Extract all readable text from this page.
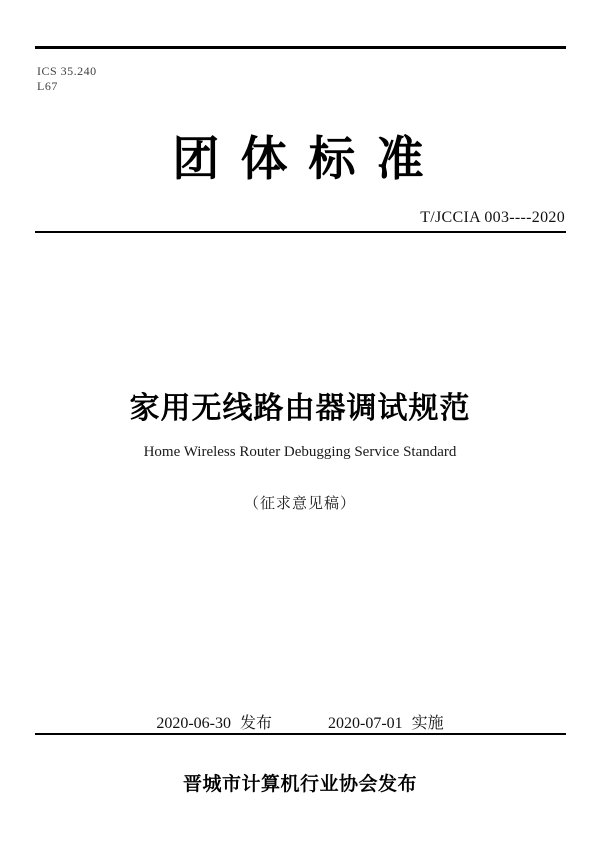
ICS 35.240
L67
团 体 标 准
T/JCCIA 003----2020
家用无线路由器调试规范
Home Wireless Router Debugging Service Standard
（征求意见稿）
2020-06-30 发布	2020-07-01 实施
晋城市计算机行业协会发布
